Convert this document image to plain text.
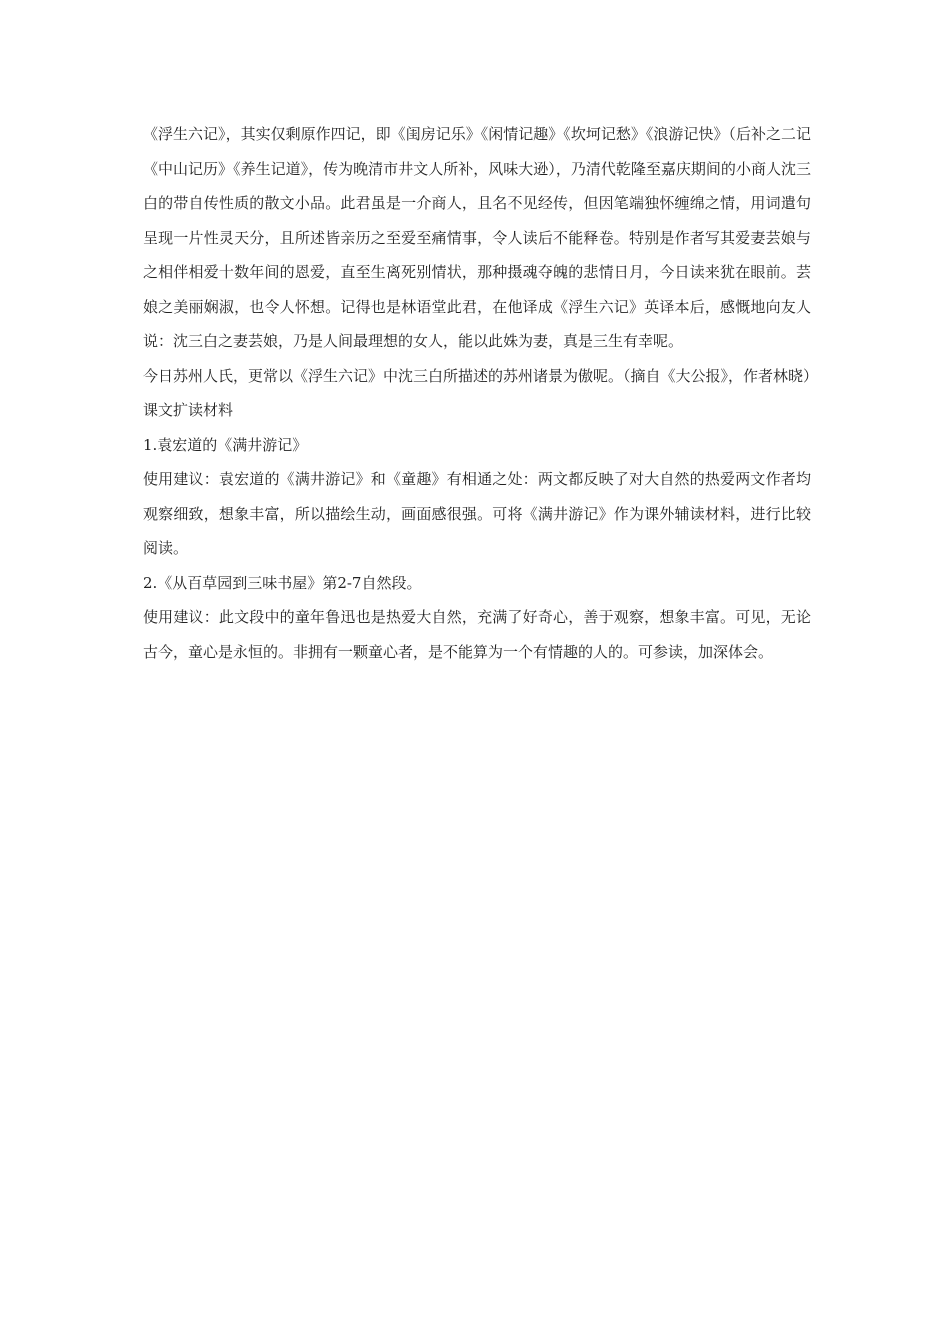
《浮生六记》，其实仅剩原作四记，即《闺房记乐》《闲情记趣》《坎坷记愁》《浪游记快》（后补之二记《中山记历》《养生记道》，传为晚清市井文人所补，风味大逊），乃清代乾隆至嘉庆期间的小商人沈三白的带自传性质的散文小品。此君虽是一介商人，且名不见经传，但因笔端独怀缠绵之情，用词遣句呈现一片性灵天分，且所述皆亲历之至爱至痛情事，令人读后不能释卷。特别是作者写其爱妻芸娘与之相伴相爱十数年间的恩爱，直至生离死别情状，那种摄魂夺魄的悲情日月，今日读来犹在眼前。芸娘之美丽娴淑，也令人怀想。记得也是林语堂此君，在他译成《浮生六记》英译本后，感慨地向友人说：沈三白之妻芸娘，乃是人间最理想的女人，能以此姝为妻，真是三生有幸呢。

今日苏州人氏，更常以《浮生六记》中沈三白所描述的苏州诸景为傲呢。（摘自《大公报》，作者林晓）

课文扩读材料

1.袁宏道的《满井游记》

使用建议：袁宏道的《满井游记》和《童趣》有相通之处：两文都反映了对大自然的热爱两文作者均观察细致，想象丰富，所以描绘生动，画面感很强。可将《满井游记》作为课外辅读材料，进行比较阅读。

2.《从百草园到三味书屋》第2-7自然段。

使用建议：此文段中的童年鲁迅也是热爱大自然，充满了好奇心，善于观察，想象丰富。可见，无论古今，童心是永恒的。非拥有一颗童心者，是不能算为一个有情趣的人的。可参读，加深体会。
